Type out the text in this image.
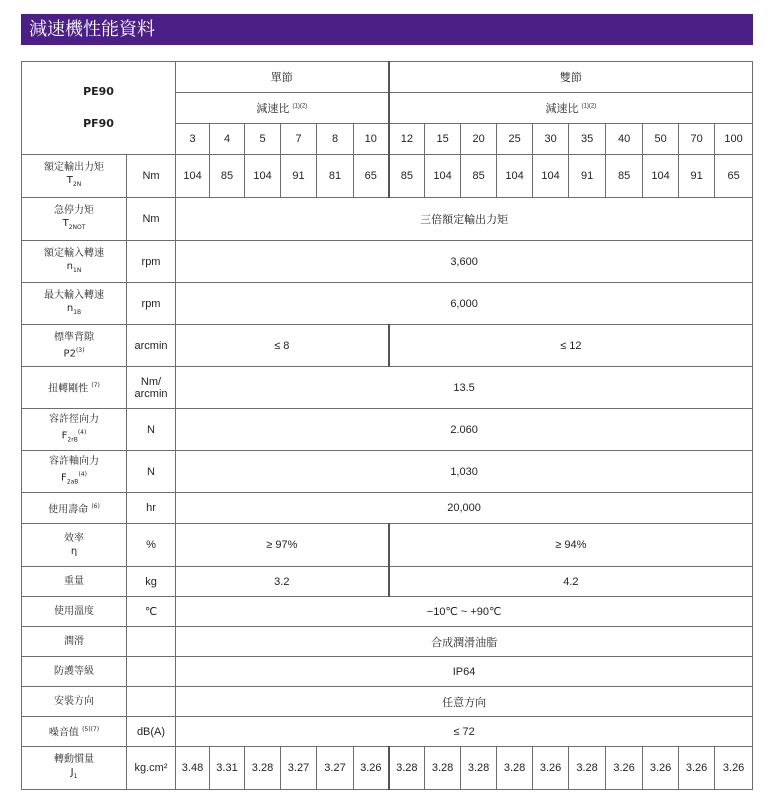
減速機性能資料
PE90
PF90		單節						雙節									
		減速比 $^{(1)(2)}$						減速比 $^{(1)(2)}$
		3	4	5	7	8	10	12	15	20	25	30	35	40	50	70	100
額定輸出力矩
$T_{2N}$	Nm	104	85	104	91	81	65	85	104	85	104	104	91	85	104	91	65
急停力矩
$T_{2NOT}$	Nm	三倍額定輸出力矩															
額定輸入轉速
$n_{1N}$	rpm	3,600															
最大輸入轉速
$n_{1B}$	rpm	6,000															
標準背隙
P2$^{(3)}$	arcmin	≤ 8						≤ 12									
扭轉剛性 $^{(7)}$	Nm/ arcmin	13.5															
容許徑向力
$F_{2rB}^{(4)}$	N	2.060															
容許軸向力
$F_{2aB}^{(4)}$	N	1,030															
使用壽命 $^{(6)}$	hr	20,000															
效率
η	%	≥ 97%						≥ 94%									
重量	kg	3.2						4.2									
使用溫度	℃	−10℃ ~ +90℃															
潤滑		合成潤滑油脂															
防護等級		IP64															
安裝方向		任意方向															
噪音值 $^{(5)(7)}$	dB(A)	≤ 72															
轉動慣量
$J_1$	kg.cm²	3.48	3.31	3.28	3.27	3.27	3.26	3.28	3.28	3.28	3.28	3.26	3.28	3.26	3.26	3.26	3.26
